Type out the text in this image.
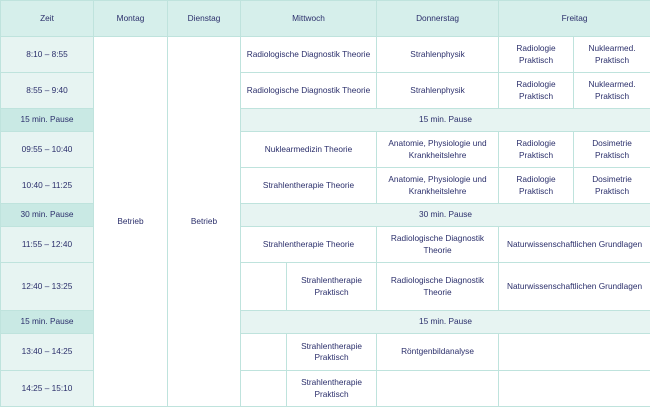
Zeit	Montag	Dienstag	Mittwoch		Donnerstag	Freitag	
8:10 – 8:55	Betrieb	Betrieb	Radiologische Diagnostik Theorie		Strahlenphysik	Radiologie Praktisch	Nuklearmed. Praktisch
8:55 – 9:40			Radiologische Diagnostik Theorie		Strahlenphysik	Radiologie Praktisch	Nuklearmed. Praktisch
15 min. Pause			15 min. Pause				
09:55 – 10:40			Nuklearmedizin Theorie		Anatomie, Physiologie und Krankheitslehre	Radiologie Praktisch	Dosimetrie Praktisch
10:40 – 11:25			Strahlentherapie Theorie		Anatomie, Physiologie und Krankheitslehre	Radiologie Praktisch	Dosimetrie Praktisch
30 min. Pause			30 min. Pause				
11:55 – 12:40			Strahlentherapie Theorie		Radiologische Diagnostik Theorie	Naturwissenschaftlichen Grundlagen	
12:40 – 13:25				Strahlentherapie Praktisch	Radiologische Diagnostik Theorie	Naturwissenschaftlichen Grundlagen	
15 min. Pause			15 min. Pause				
13:40 – 14:25				Strahlentherapie Praktisch	Röntgenbildanalyse		
14:25 – 15:10				Strahlentherapie Praktisch			
